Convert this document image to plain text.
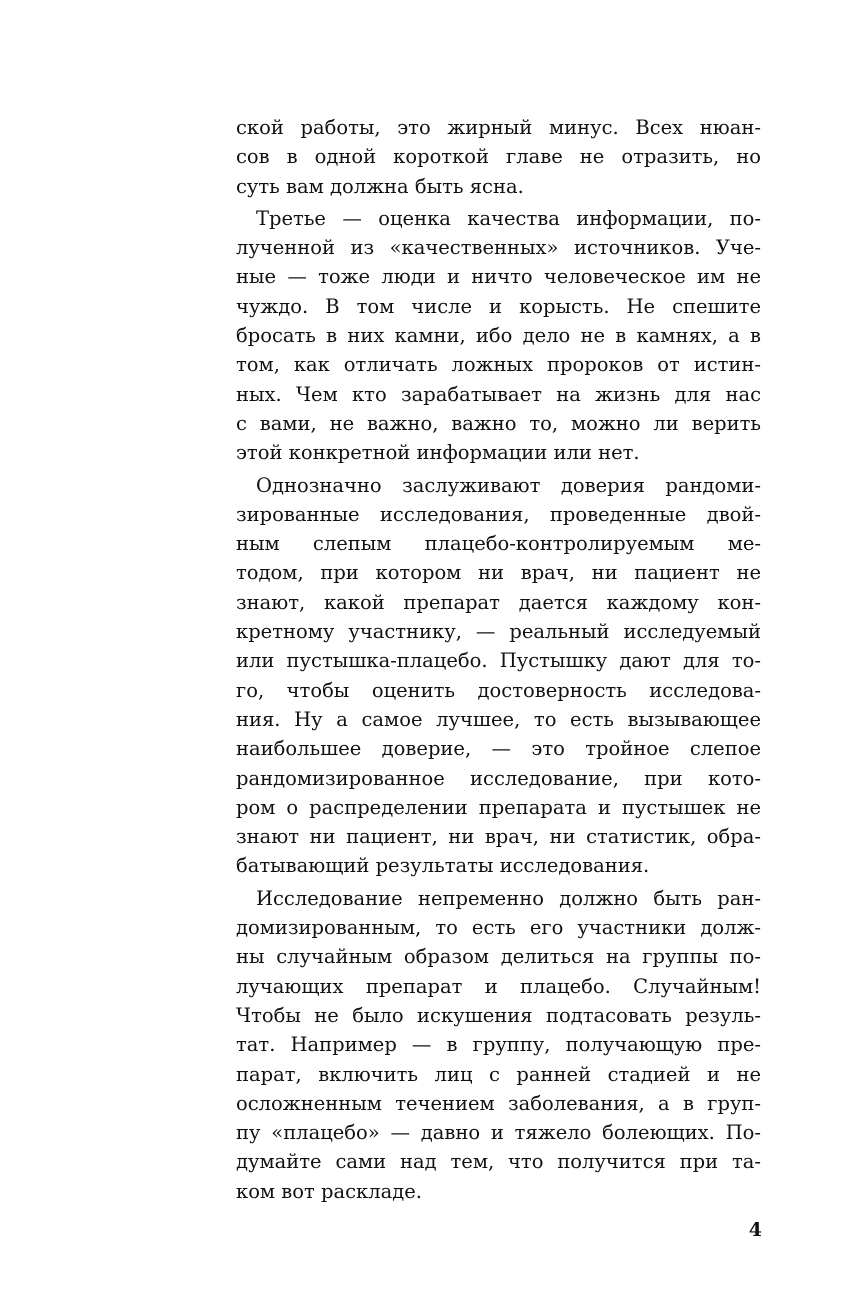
ской работы, это жирный минус. Всех нюан-
сов в одной короткой главе не отразить, но
суть вам должна быть ясна.
Третье — оценка качества информации, по-
лученной из «качественных» источников. Уче-
ные — тоже люди и ничто человеческое им не
чуждо. В том числе и корысть. Не спешите
бросать в них камни, ибо дело не в камнях, а в
том, как отличать ложных пророков от истин-
ных. Чем кто зарабатывает на жизнь для нас
с вами, не важно, важно то, можно ли верить
этой конкретной информации или нет.
Однозначно заслуживают доверия рандоми-
зированные исследования, проведенные двой-
ным слепым плацебо-контролируемым ме-
тодом, при котором ни врач, ни пациент не
знают, какой препарат дается каждому кон-
кретному участнику, — реальный исследуемый
или пустышка-плацебо. Пустышку дают для то-
го, чтобы оценить достоверность исследова-
ния. Ну а самое лучшее, то есть вызывающее
наибольшее доверие, — это тройное слепое
рандомизированное исследование, при кото-
ром о распределении препарата и пустышек не
знают ни пациент, ни врач, ни статистик, обра-
батывающий результаты исследования.
Исследование непременно должно быть ран-
домизированным, то есть его участники долж-
ны случайным образом делиться на группы по-
лучающих препарат и плацебо. Случайным!
Чтобы не было искушения подтасовать резуль-
тат. Например — в группу, получающую пре-
парат, включить лиц с ранней стадией и не
осложненным течением заболевания, а в груп-
пу «плацебо» — давно и тяжело болеющих. По-
думайте сами над тем, что получится при та-
ком вот раскладе.
4
